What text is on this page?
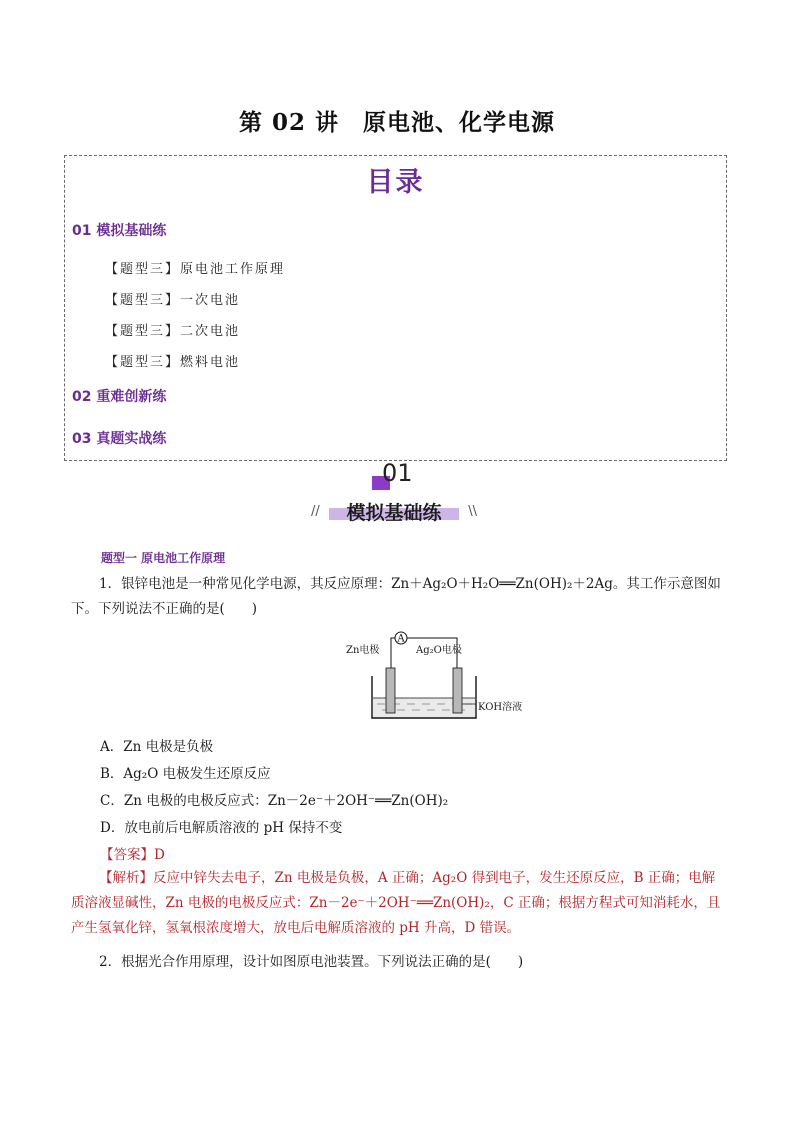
第 02 讲　原电池、化学电源
目录
01 模拟基础练
【题型三】原电池工作原理
【题型三】一次电池
【题型三】二次电池
【题型三】燃料电池
02 重难创新练
03 真题实战练
01
//	模拟基础练	\\
题型一 原电池工作原理

1．银锌电池是一种常见化学电源，其反应原理：Zn＋Ag₂O＋H₂O══Zn(OH)₂＋2Ag。其工作示意图如

下。下列说法不正确的是(　　)

A
Zn电极	Ag₂O电极
KOH溶液
A．Zn 电极是负极
B．Ag₂O 电极发生还原反应
C．Zn 电极的电极反应式：Zn－2e⁻＋2OH⁻══Zn(OH)₂
D．放电前后电解质溶液的 pH 保持不变
【答案】D

【解析】反应中锌失去电子，Zn 电极是负极，A 正确；Ag₂O 得到电子，发生还原反应，B 正确；电解

质溶液显碱性，Zn 电极的电极反应式：Zn－2e⁻＋2OH⁻══Zn(OH)₂，C 正确；根据方程式可知消耗水，且

产生氢氧化锌，氢氧根浓度增大，放电后电解质溶液的 pH 升高，D 错误。

2．根据光合作用原理，设计如图原电池装置。下列说法正确的是(　　)
